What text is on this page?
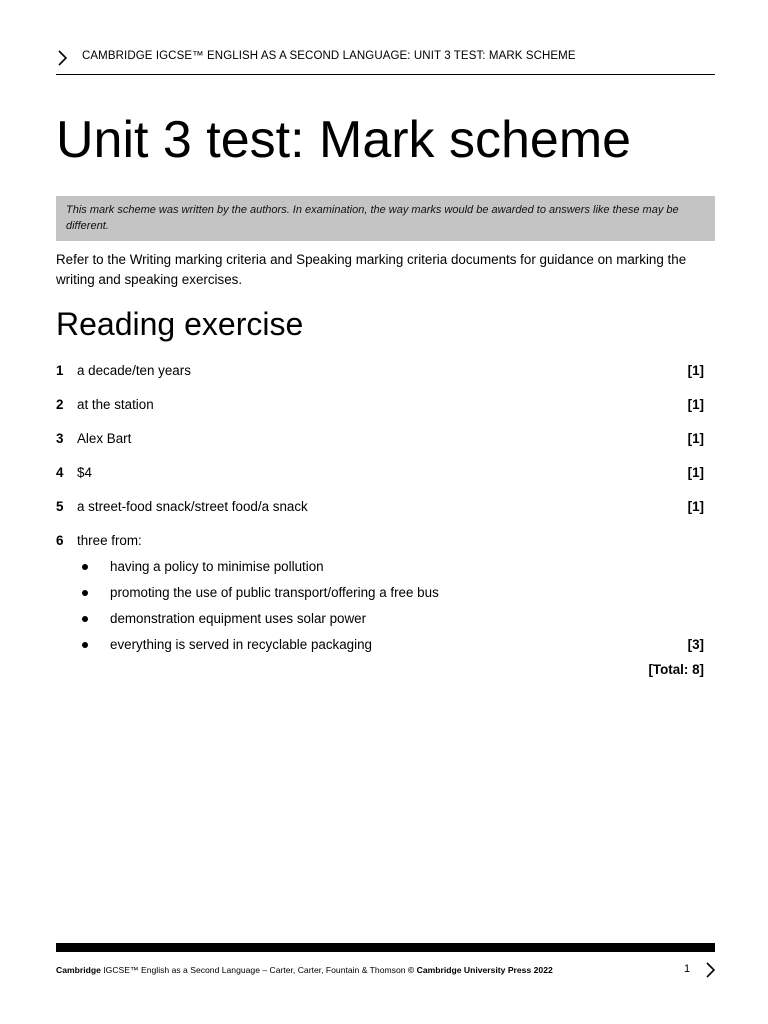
CAMBRIDGE IGCSE™ ENGLISH AS A SECOND LANGUAGE: UNIT 3 TEST: MARK SCHEME
Unit 3 test: Mark scheme
This mark scheme was written by the authors. In examination, the way marks would be awarded to answers like these may be different.
Refer to the Writing marking criteria and Speaking marking criteria documents for guidance on marking the writing and speaking exercises.
Reading exercise
1 a decade/ten years	[1]
2 at the station	[1]
3 Alex Bart	[1]
4 $4	[1]
5 a street-food snack/street food/a snack	[1]
6 three from:
having a policy to minimise pollution
promoting the use of public transport/offering a free bus
demonstration equipment uses solar power
everything is served in recyclable packaging	[3]
[Total: 8]
Cambridge IGCSE™ English as a Second Language – Carter, Carter, Fountain & Thomson © Cambridge University Press 2022	1
